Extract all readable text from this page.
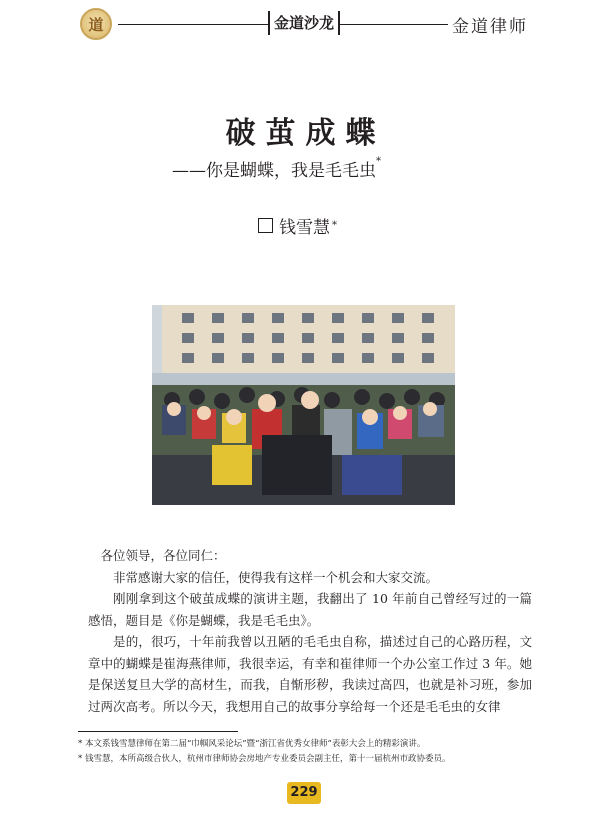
道	金道沙龙	金道律师
破茧成蝶
——你是蝴蝶，我是毛毛虫*
钱雪慧 *

各位领导，各位同仁：

非常感谢大家的信任，使得我有这样一个机会和大家交流。

刚刚拿到这个破茧成蝶的演讲主题，我翻出了 10 年前自己曾经写过的一篇感悟，题目是《你是蝴蝶，我是毛毛虫》。

是的，很巧，十年前我曾以丑陋的毛毛虫自称，描述过自己的心路历程，文章中的蝴蝶是崔海燕律师，我很幸运，有幸和崔律师一个办公室工作过 3 年。她是保送复旦大学的高材生，而我，自惭形秽，我读过高四，也就是补习班，参加过两次高考。所以今天，我想用自己的故事分享给每一个还是毛毛虫的女律

* 本文系钱雪慧律师在第二届“巾帼风采论坛”暨“浙江省优秀女律师”表彰大会上的精彩演讲。
* 钱雪慧，本所高级合伙人，杭州市律师协会房地产专业委员会副主任，第十一届杭州市政协委员。
229
